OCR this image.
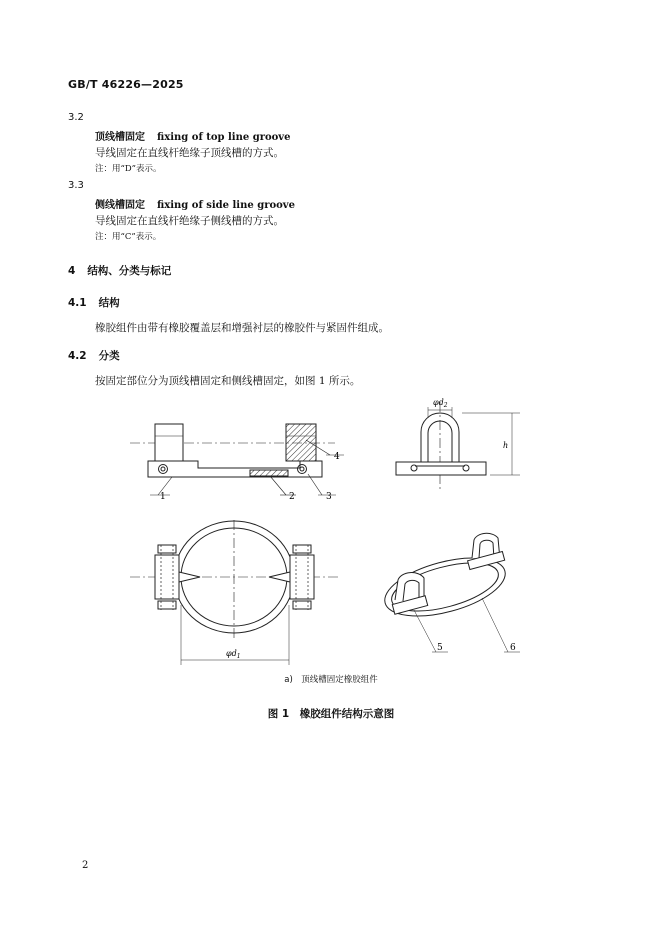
GB/T 46226—2025
3.2
顶线槽固定 fixing of top line groove
导线固定在直线杆绝缘子顶线槽的方式。
注：用“D”表示。
3.3
侧线槽固定 fixing of side line groove
导线固定在直线杆绝缘子侧线槽的方式。
注：用“C”表示。
4 结构、分类与标记
4.1 结构
橡胶组件由带有橡胶覆盖层和增强衬层的橡胶件与紧固件组成。
4.2 分类
按固定部位分为顶线槽固定和侧线槽固定，如图 1 所示。
1	2	3
4
$\varphi d_2$
h
$\varphi d_1$
5	6
a)　顶线槽固定橡胶组件
图 1　橡胶组件结构示意图
2
